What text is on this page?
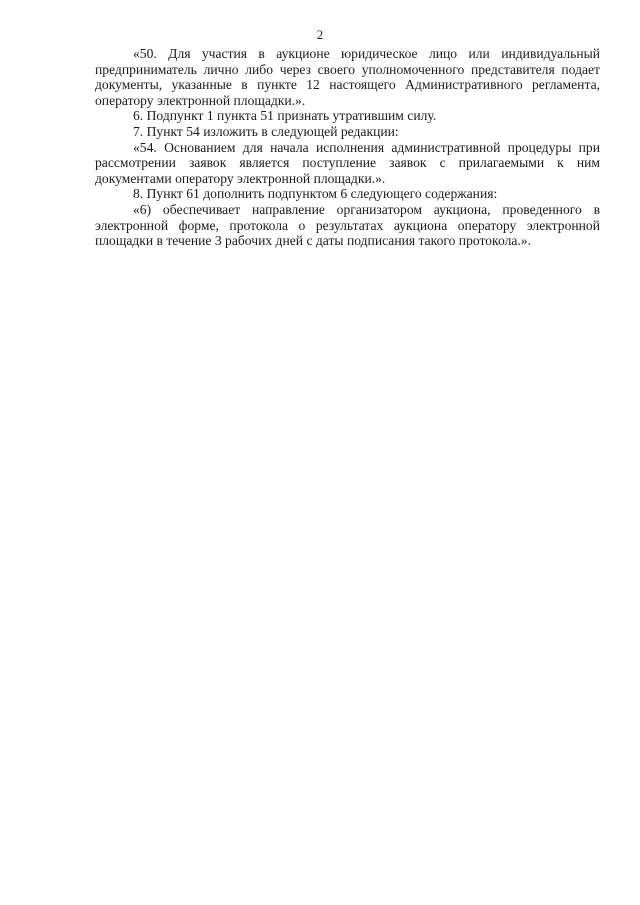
2

«50. Для участия в аукционе юридическое лицо или индивидуальный предприниматель лично либо через своего уполномоченного представителя подает документы, указанные в пункте 12 настоящего Административного регламента, оператору электронной площадки.».

6. Подпункт 1 пункта 51 признать утратившим силу.

7. Пункт 54 изложить в следующей редакции:

«54. Основанием для начала исполнения административной процедуры при рассмотрении заявок является поступление заявок с прилагаемыми к ним документами оператору электронной площадки.».

8. Пункт 61 дополнить подпунктом 6 следующего содержания:

«6) обеспечивает направление организатором аукциона, проведенного в электронной форме, протокола о результатах аукциона оператору электронной площадки в течение 3 рабочих дней с даты подписания такого протокола.».
